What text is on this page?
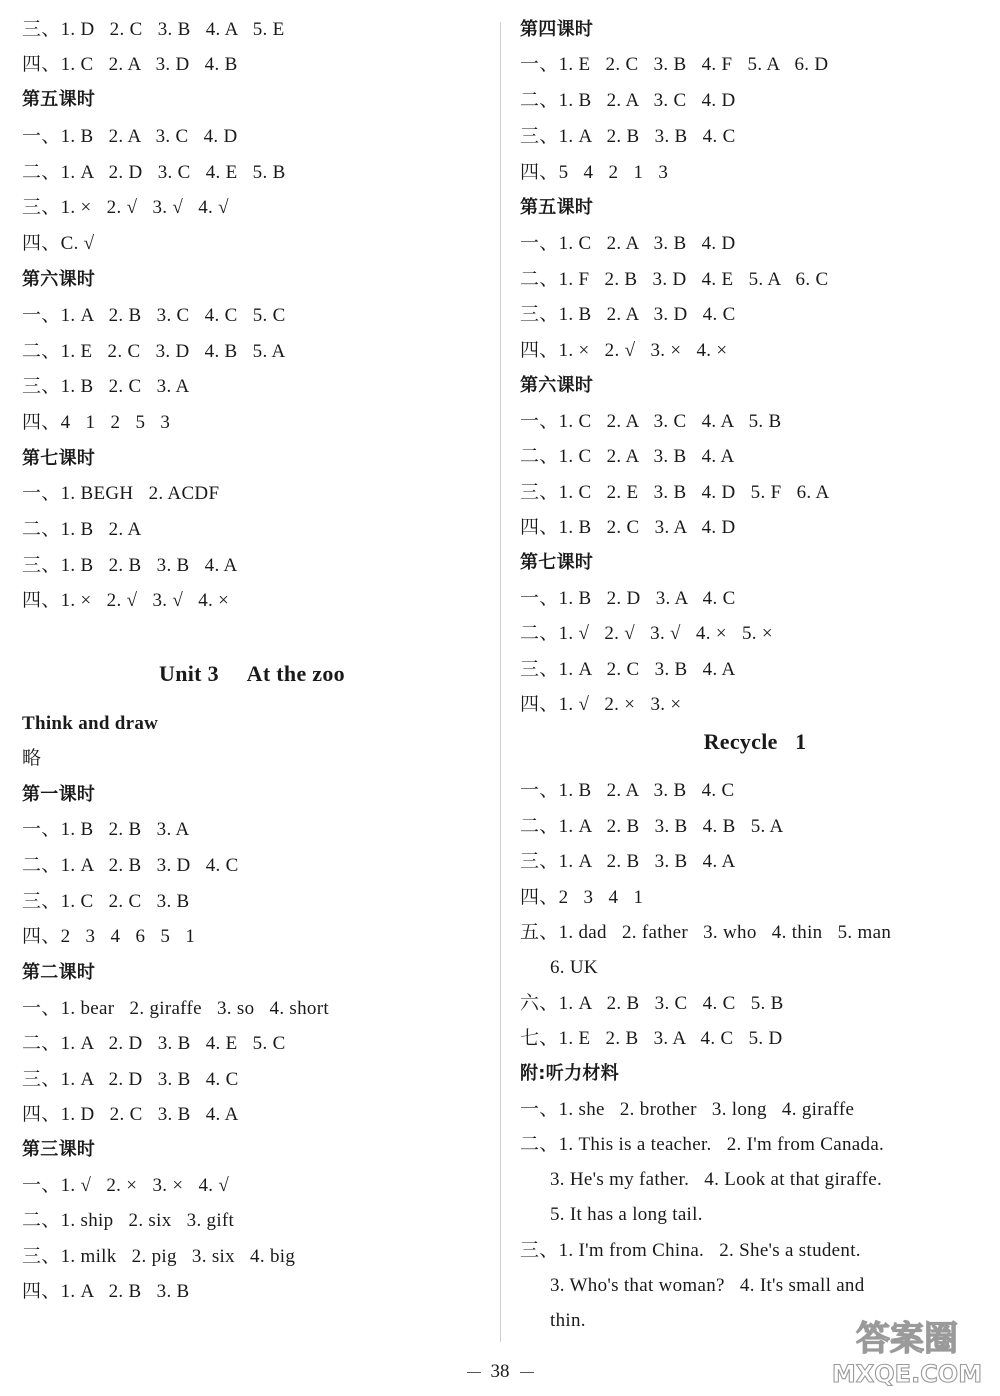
三、1. D   2. C   3. B   4. A   5. E
四、1. C   2. A   3. D   4. B
第五课时
一、1. B   2. A   3. C   4. D
二、1. A   2. D   3. C   4. E   5. B
三、1. ×   2. √   3. √   4. √
四、C. √
第六课时
一、1. A   2. B   3. C   4. C   5. C
二、1. E   2. C   3. D   4. B   5. A
三、1. B   2. C   3. A
四、4   1   2   5   3
第七课时
一、1. BEGH   2. ACDF
二、1. B   2. A
三、1. B   2. B   3. B   4. A
四、1. ×   2. √   3. √   4. ×
Unit 3     At the zoo
Think and draw
略
第一课时
一、1. B   2. B   3. A
二、1. A   2. B   3. D   4. C
三、1. C   2. C   3. B
四、2   3   4   6   5   1
第二课时
一、1. bear   2. giraffe   3. so   4. short
二、1. A   2. D   3. B   4. E   5. C
三、1. A   2. D   3. B   4. C
四、1. D   2. C   3. B   4. A
第三课时
一、1. √   2. ×   3. ×   4. √
二、1. ship   2. six   3. gift
三、1. milk   2. pig   3. six   4. big
四、1. A   2. B   3. B
第四课时
一、1. E   2. C   3. B   4. F   5. A   6. D
二、1. B   2. A   3. C   4. D
三、1. A   2. B   3. B   4. C
四、5   4   2   1   3
第五课时
一、1. C   2. A   3. B   4. D
二、1. F   2. B   3. D   4. E   5. A   6. C
三、1. B   2. A   3. D   4. C
四、1. ×   2. √   3. ×   4. ×
第六课时
一、1. C   2. A   3. C   4. A   5. B
二、1. C   2. A   3. B   4. A
三、1. C   2. E   3. B   4. D   5. F   6. A
四、1. B   2. C   3. A   4. D
第七课时
一、1. B   2. D   3. A   4. C
二、1. √   2. √   3. √   4. ×   5. ×
三、1. A   2. C   3. B   4. A
四、1. √   2. ×   3. ×
Recycle   1
一、1. B   2. A   3. B   4. C
二、1. A   2. B   3. B   4. B   5. A
三、1. A   2. B   3. B   4. A
四、2   3   4   1
五、1. dad   2. father   3. who   4. thin   5. man
6. UK
六、1. A   2. B   3. C   4. C   5. B
七、1. E   2. B   3. A   4. C   5. D
附:听力材料
一、1. she   2. brother   3. long   4. giraffe
二、1. This is a teacher.   2. I'm from Canada.
3. He's my father.   4. Look at that giraffe.
5. It has a long tail.
三、1. I'm from China.   2. She's a student.
3. Who's that woman?   4. It's small and
thin.
38
答案圈
MXQE.COM
